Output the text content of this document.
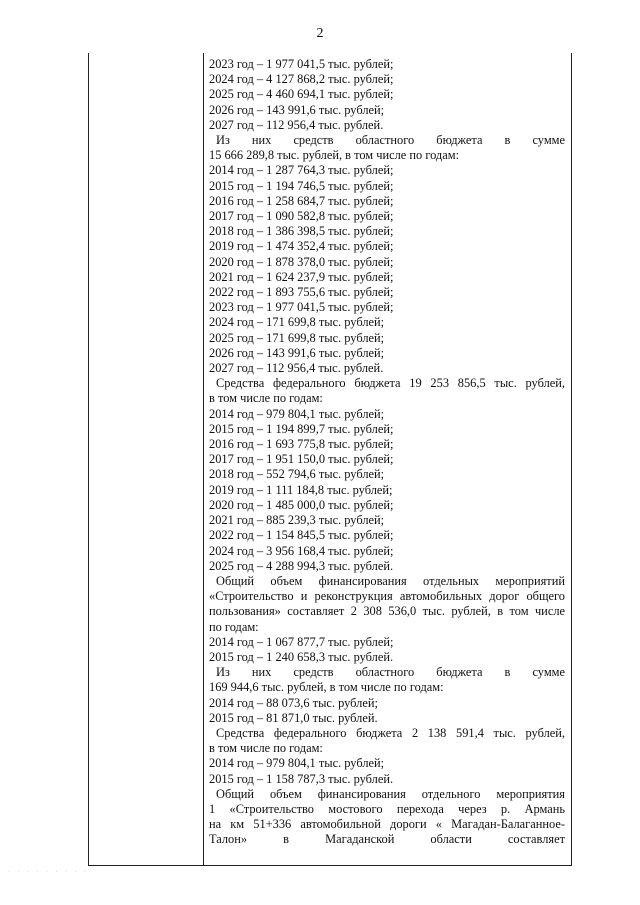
2
2023 год – 1 977 041,5 тыс. рублей;
2024 год – 4 127 868,2 тыс. рублей;
2025 год – 4 460 694,1 тыс. рублей;
2026 год – 143 991,6 тыс. рублей;
2027 год – 112 956,4 тыс. рублей.
Из них средств областного бюджета в сумме
15 666 289,8 тыс. рублей, в том числе по годам:
2014 год – 1 287 764,3 тыс. рублей;
2015 год – 1 194 746,5 тыс. рублей;
2016 год – 1 258 684,7 тыс. рублей;
2017 год – 1 090 582,8 тыс. рублей;
2018 год – 1 386 398,5 тыс. рублей;
2019 год – 1 474 352,4 тыс. рублей;
2020 год – 1 878 378,0 тыс. рублей;
2021 год – 1 624 237,9 тыс. рублей;
2022 год – 1 893 755,6 тыс. рублей;
2023 год – 1 977 041,5 тыс. рублей;
2024 год – 171 699,8 тыс. рублей;
2025 год – 171 699,8 тыс. рублей;
2026 год – 143 991,6 тыс. рублей;
2027 год – 112 956,4 тыс. рублей.
Средства федерального бюджета 19 253 856,5 тыс. рублей,
в том числе по годам:
2014 год – 979 804,1 тыс. рублей;
2015 год – 1 194 899,7 тыс. рублей;
2016 год – 1 693 775,8 тыс. рублей;
2017 год – 1 951 150,0 тыс. рублей;
2018 год – 552 794,6 тыс. рублей;
2019 год – 1 111 184,8 тыс. рублей;
2020 год – 1 485 000,0 тыс. рублей;
2021 год – 885 239,3 тыс. рублей;
2022 год – 1 154 845,5 тыс. рублей;
2024 год – 3 956 168,4 тыс. рублей;
2025 год – 4 288 994,3 тыс. рублей.
Общий объем финансирования отдельных мероприятий
«Строительство и реконструкция автомобильных дорог общего
пользования» составляет 2 308 536,0 тыс. рублей, в том числе
по годам:
2014 год – 1 067 877,7 тыс. рублей;
2015 год – 1 240 658,3 тыс. рублей.
Из них средств областного бюджета в сумме
169 944,6 тыс. рублей, в том числе по годам:
2014 год – 88 073,6 тыс. рублей;
2015 год – 81 871,0 тыс. рублей.
Средства федерального бюджета 2 138 591,4 тыс. рублей,
в том числе по годам:
2014 год – 979 804,1 тыс. рублей;
2015 год – 1 158 787,3 тыс. рублей.
Общий объем финансирования отдельного мероприятия
1 «Строительство мостового перехода через р. Армань
на км 51+336 автомобильной дороги « Магадан-Балаганное-
Талон» в Магаданской области составляет
· · · · · · · · ·
